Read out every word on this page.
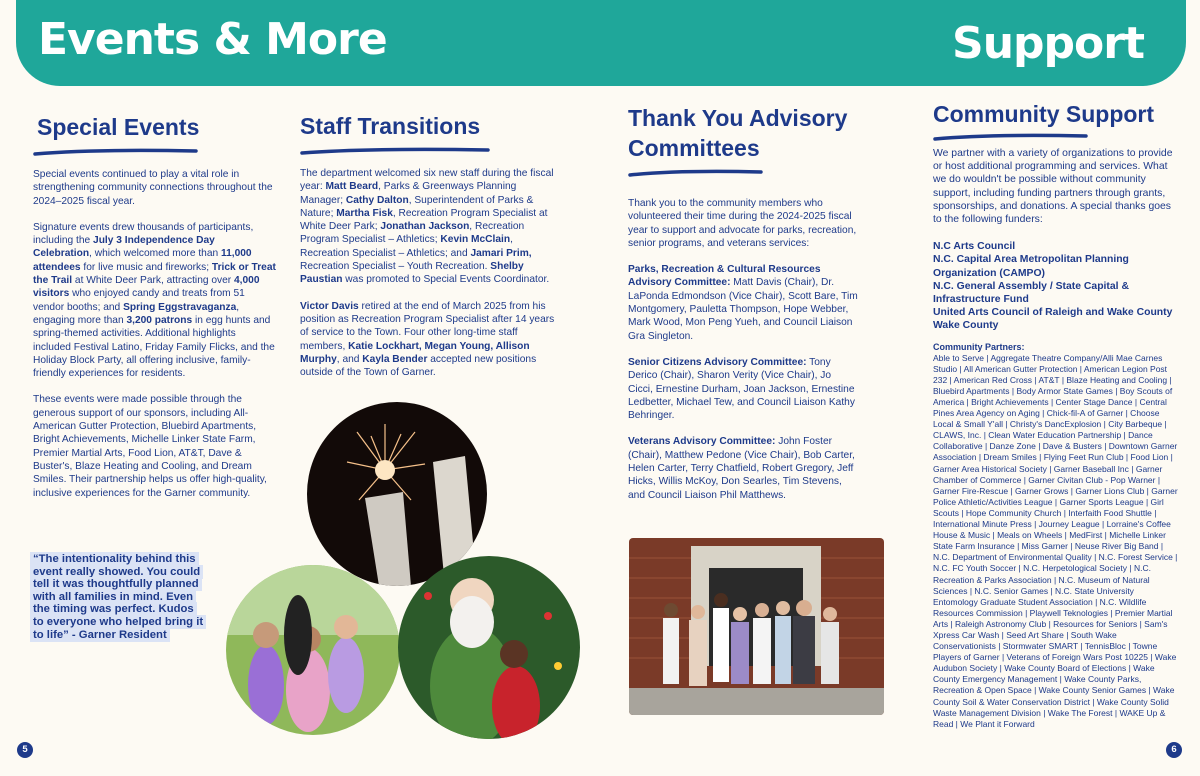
Events & More	Support
Special Events

Special events continued to play a vital role in strengthening community connections throughout the 2024–2025 fiscal year.

Signature events drew thousands of participants, including the July 3 Independence Day Celebration, which welcomed more than 11,000 attendees for live music and fireworks; Trick or Treat the Trail at White Deer Park, attracting over 4,000 visitors who enjoyed candy and treats from 51 vendor booths; and Spring Eggstravaganza, engaging more than 3,200 patrons in egg hunts and spring-themed activities. Additional highlights included Festival Latino, Friday Family Flicks, and the Holiday Block Party, all offering inclusive, family-friendly experiences for residents.

These events were made possible through the generous support of our sponsors, including All-American Gutter Protection, Bluebird Apartments, Bright Achievements, Michelle Linker State Farm, Premier Martial Arts, Food Lion, AT&T, Dave & Buster's, Blaze Heating and Cooling, and Dream Smiles. Their partnership helps us offer high-quality, inclusive experiences for the Garner community.

“The intentionality behind this event really showed. You could tell it was thoughtfully planned with all families in mind. Even the timing was perfect. Kudos to everyone who helped bring it to life” - Garner Resident
Staff Transitions

The department welcomed six new staff during the fiscal year: Matt Beard, Parks & Greenways Planning Manager; Cathy Dalton, Superintendent of Parks & Nature; Martha Fisk, Recreation Program Specialist at White Deer Park; Jonathan Jackson, Recreation Program Specialist – Athletics; Kevin McClain, Recreation Specialist – Athletics; and Jamari Prim, Recreation Specialist – Youth Recreation. Shelby Paustian was promoted to Special Events Coordinator.

Victor Davis retired at the end of March 2025 from his position as Recreation Program Specialist after 14 years of service to the Town. Four other long-time staff members, Katie Lockhart, Megan Young, Allison Murphy, and Kayla Bender accepted new positions outside of the Town of Garner.

Thank You Advisory Committees

Thank you to the community members who volunteered their time during the 2024-2025 fiscal year to support and advocate for parks, recreation, senior programs, and veterans services:

Parks, Recreation & Cultural Resources Advisory Committee: Matt Davis (Chair), Dr. LaPonda Edmondson (Vice Chair), Scott Bare, Tim Montgomery, Pauletta Thompson, Hope Webber, Mark Wood, Mon Peng Yueh, and Council Liaison Gra Singleton.

Senior Citizens Advisory Committee: Tony Derico (Chair), Sharon Verity (Vice Chair), Jo Cicci, Ernestine Durham, Joan Jackson, Ernestine Ledbetter, Michael Tew, and Council Liaison Kathy Behringer.

Veterans Advisory Committee: John Foster (Chair), Matthew Pedone (Vice Chair), Bob Carter, Helen Carter, Terry Chatfield, Robert Gregory, Jeff Hicks, Willis McKoy, Don Searles, Tim Stevens, and Council Liaison Phil Matthews.

Community Support

We partner with a variety of organizations to provide or host additional programming and services. What we do wouldn't be possible without community support, including funding partners through grants, sponsorships, and donations. A special thanks goes to the following funders:

N.C Arts Council
N.C. Capital Area Metropolitan Planning Organization (CAMPO)
N.C. General Assembly / State Capital & Infrastructure Fund
United Arts Council of Raleigh and Wake County
Wake County
Community Partners:
Able to Serve | Aggregate Theatre Company/Alli Mae Carnes Studio | All American Gutter Protection | American Legion Post 232 | American Red Cross | AT&T | Blaze Heating and Cooling | Bluebird Apartments | Body Armor State Games | Boy Scouts of America | Bright Achievements | Center Stage Dance | Central Pines Area Agency on Aging | Chick-fil-A of Garner | Choose Local & Small Y'all | Christy's DancExplosion | City Barbeque | CLAWS, Inc. | Clean Water Education Partnership | Dance Collaborative | Danze Zone | Dave & Busters | Downtown Garner Association | Dream Smiles | Flying Feet Run Club | Food Lion | Garner Area Historical Society | Garner Baseball Inc | Garner Chamber of Commerce | Garner Civitan Club - Pop Warner | Garner Fire-Rescue | Garner Grows | Garner Lions Club | Garner Police Athletic/Activities League | Garner Sports League | Girl Scouts | Hope Community Church | Interfaith Food Shuttle | International Minute Press | Journey League | Lorraine's Coffee House & Music | Meals on Wheels | MedFirst | Michelle Linker State Farm Insurance | Miss Garner | Neuse River Big Band | N.C. Department of Environmental Quality | N.C. Forest Service | N.C. FC Youth Soccer | N.C. Herpetological Society | N.C. Recreation & Parks Association | N.C. Museum of Natural Sciences | N.C. Senior Games | N.C. State University Entomology Graduate Student Association | N.C. Wildlife Resources Commission | Playwell Teknologies | Premier Martial Arts | Raleigh Astronomy Club | Resources for Seniors | Sam's Xpress Car Wash | Seed Art Share | South Wake Conservationists | Stormwater SMART | TennisBloc | Towne Players of Garner | Veterans of Foreign Wars Post 10225 | Wake Audubon Society | Wake County Board of Elections | Wake County Emergency Management | Wake County Parks, Recreation & Open Space | Wake County Senior Games | Wake County Soil & Water Conservation District | Wake County Solid Waste Management Division | Wake The Forest | WAKE Up & Read | We Plant it Forward
5	6
